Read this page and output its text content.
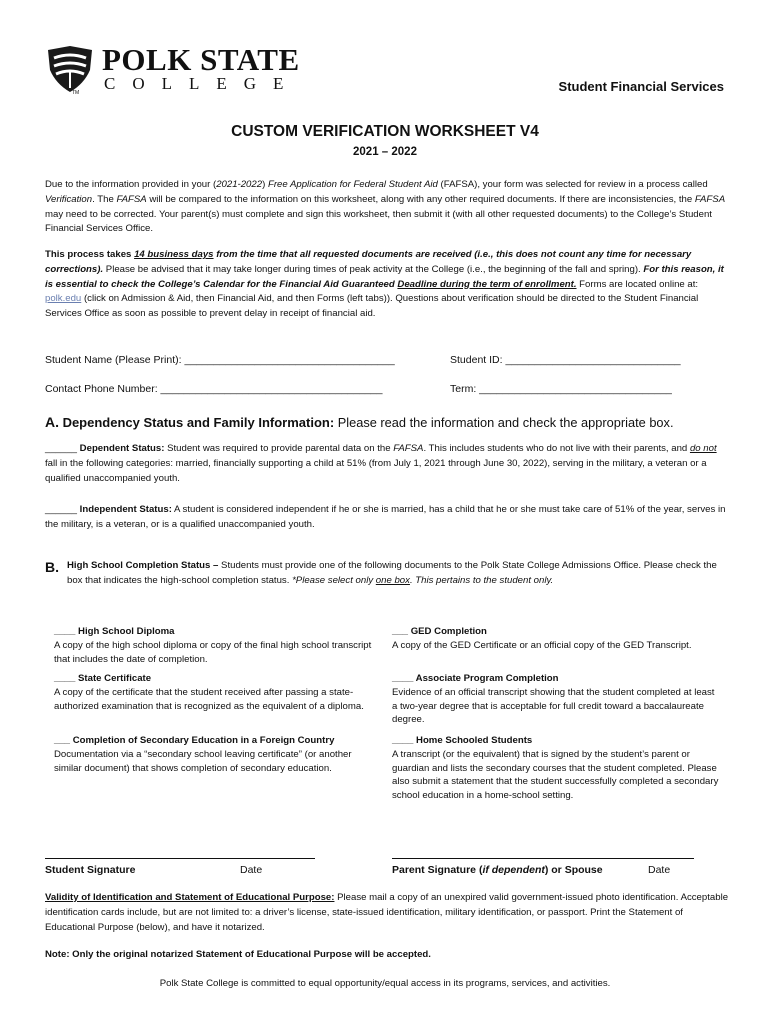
TM
POLK STATE
COLLEGE	Student Financial Services
CUSTOM VERIFICATION WORKSHEET V4
2021 – 2022
Due to the information provided in your (2021-2022) Free Application for Federal Student Aid (FAFSA), your form was selected for review in a process called Verification. The FAFSA will be compared to the information on this worksheet, along with any other required documents. If there are inconsistencies, the FAFSA may need to be corrected. Your parent(s) must complete and sign this worksheet, then submit it (with all other requested documents) to the College’s Student Financial Services Office.
This process takes 14 business days from the time that all requested documents are received (i.e., this does not count any time for necessary corrections). Please be advised that it may take longer during times of peak activity at the College (i.e., the beginning of the fall and spring). For this reason, it is essential to check the College’s Calendar for the Financial Aid Guaranteed Deadline during the term of enrollment. Forms are located online at: polk.edu (click on Admission & Aid, then Financial Aid, and then Forms (left tabs)). Questions about verification should be directed to the Student Financial Services Office as soon as possible to prevent delay in receipt of financial aid.
Student Name (Please Print): ____________________________________	Student ID: ______________________________
Contact Phone Number: ______________________________________	Term: _________________________________
A. Dependency Status and Family Information: Please read the information and check the appropriate box.
______ Dependent Status: Student was required to provide parental data on the FAFSA. This includes students who do not live with their parents, and do not fall in the following categories: married, financially supporting a child at 51% (from July 1, 2021 through June 30, 2022), serving in the military, a veteran or a qualified unaccompanied youth.
______ Independent Status: A student is considered independent if he or she is married, has a child that he or she must take care of 51% of the year, serves in the military, is a veteran, or is a qualified unaccompanied youth.
B. High School Completion Status – Students must provide one of the following documents to the Polk State College Admissions Office. Please check the box that indicates the high-school completion status. *Please select only one box. This pertains to the student only.
____ High School Diploma
A copy of the high school diploma or copy of the final high school transcript that includes the date of completion.
____ State Certificate
A copy of the certificate that the student received after passing a state-authorized examination that is recognized as the equivalent of a diploma.
___ Completion of Secondary Education in a Foreign Country
Documentation via a “secondary school leaving certificate” (or another similar document) that shows completion of secondary education.
___ GED Completion
A copy of the GED Certificate or an official copy of the GED Transcript.
____ Associate Program Completion
Evidence of an official transcript showing that the student completed at least a two-year degree that is acceptable for full credit toward a baccalaureate degree.
____ Home Schooled Students
A transcript (or the equivalent) that is signed by the student’s parent or guardian and lists the secondary courses that the student completed. Please also submit a statement that the student successfully completed a secondary school education in a home-school setting.
Student Signature	Date	Parent Signature (if dependent) or Spouse	Date
Validity of Identification and Statement of Educational Purpose: Please mail a copy of an unexpired valid government-issued photo identification. Acceptable identification cards include, but are not limited to: a driver’s license, state-issued identification, military identification, or passport. Print the Statement of Educational Purpose (below), and have it notarized.
Note: Only the original notarized Statement of Educational Purpose will be accepted.
Polk State College is committed to equal opportunity/equal access in its programs, services, and activities.
